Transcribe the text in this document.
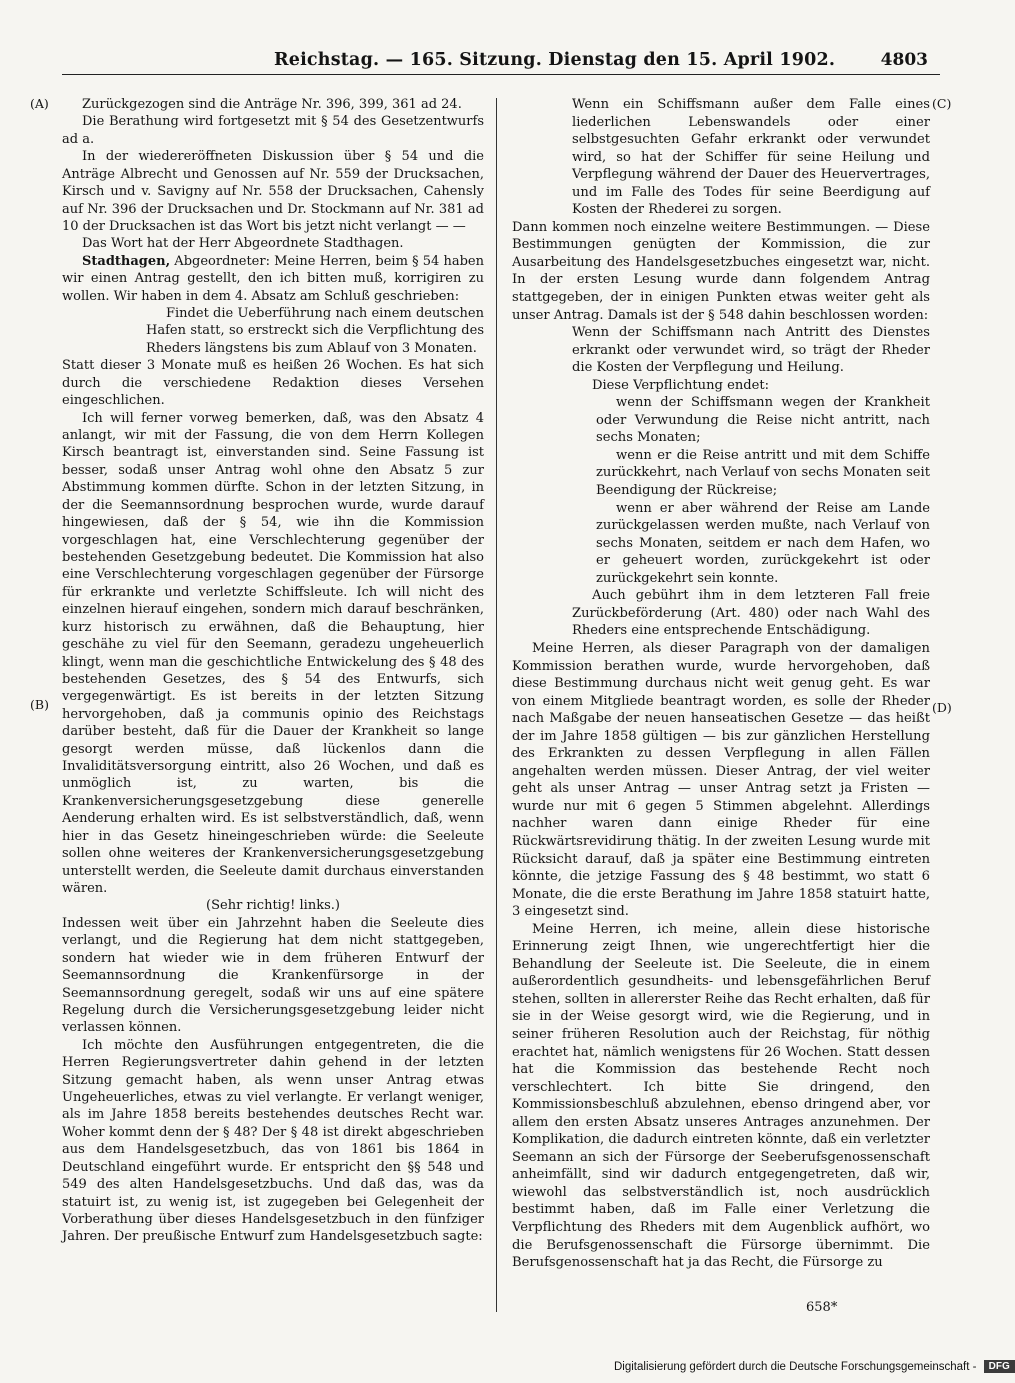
Reichstag. — 165. Sitzung. Dienstag den 15. April 1902.	4803
(A)
(B)
(C)
(D)

Zurückgezogen sind die Anträge Nr. 396, 399, 361 ad 24.

Die Berathung wird fortgesetzt mit § 54 des Gesetzentwurfs ad a.

In der wiedereröffneten Diskussion über § 54 und die Anträge Albrecht und Genossen auf Nr. 559 der Drucksachen, Kirsch und v. Savigny auf Nr. 558 der Drucksachen, Cahensly auf Nr. 396 der Drucksachen und Dr. Stockmann auf Nr. 381 ad 10 der Drucksachen ist das Wort bis jetzt nicht verlangt — —

Das Wort hat der Herr Abgeordnete Stadthagen.

Stadthagen, Abgeordneter: Meine Herren, beim § 54 haben wir einen Antrag gestellt, den ich bitten muß, korrigiren zu wollen. Wir haben in dem 4. Absatz am Schluß geschrieben:

Findet die Ueberführung nach einem deutschen Hafen statt, so erstreckt sich die Verpflichtung des Rheders längstens bis zum Ablauf von 3 Monaten.

Statt dieser 3 Monate muß es heißen 26 Wochen. Es hat sich durch die verschiedene Redaktion dieses Versehen eingeschlichen.

Ich will ferner vorweg bemerken, daß, was den Absatz 4 anlangt, wir mit der Fassung, die von dem Herrn Kollegen Kirsch beantragt ist, einverstanden sind. Seine Fassung ist besser, sodaß unser Antrag wohl ohne den Absatz 5 zur Abstimmung kommen dürfte. Schon in der letzten Sitzung, in der die Seemannsordnung besprochen wurde, wurde darauf hingewiesen, daß der § 54, wie ihn die Kommission vorgeschlagen hat, eine Verschlechterung gegenüber der bestehenden Gesetzgebung bedeutet. Die Kommission hat also eine Verschlechterung vorgeschlagen gegenüber der Fürsorge für erkrankte und verletzte Schiffsleute. Ich will nicht des einzelnen hierauf eingehen, sondern mich darauf beschränken, kurz historisch zu erwähnen, daß die Behauptung, hier geschähe zu viel für den Seemann, geradezu ungeheuerlich klingt, wenn man die geschichtliche Entwickelung des § 48 des bestehenden Gesetzes, des § 54 des Entwurfs, sich vergegenwärtigt. Es ist bereits in der letzten Sitzung hervorgehoben, daß ja communis opinio des Reichstags darüber besteht, daß für die Dauer der Krankheit so lange gesorgt werden müsse, daß lückenlos dann die Invaliditätsversorgung eintritt, also 26 Wochen, und daß es unmöglich ist, zu warten, bis die Krankenversicherungsgesetzgebung diese generelle Aenderung erhalten wird. Es ist selbstverständlich, daß, wenn hier in das Gesetz hineingeschrieben würde: die Seeleute sollen ohne weiteres der Krankenversicherungsgesetzgebung unterstellt werden, die Seeleute damit durchaus einverstanden wären.

(Sehr richtig! links.)

Indessen weit über ein Jahrzehnt haben die Seeleute dies verlangt, und die Regierung hat dem nicht stattgegeben, sondern hat wieder wie in dem früheren Entwurf der Seemannsordnung die Krankenfürsorge in der Seemannsordnung geregelt, sodaß wir uns auf eine spätere Regelung durch die Versicherungsgesetzgebung leider nicht verlassen können.

Ich möchte den Ausführungen entgegentreten, die die Herren Regierungsvertreter dahin gehend in der letzten Sitzung gemacht haben, als wenn unser Antrag etwas Ungeheuerliches, etwas zu viel verlangte. Er verlangt weniger, als im Jahre 1858 bereits bestehendes deutsches Recht war. Woher kommt denn der § 48? Der § 48 ist direkt abgeschrieben aus dem Handelsgesetzbuch, das von 1861 bis 1864 in Deutschland eingeführt wurde. Er entspricht den §§ 548 und 549 des alten Handelsgesetzbuchs. Und daß das, was da statuirt ist, zu wenig ist, ist zugegeben bei Gelegenheit der Vorberathung über dieses Handelsgesetzbuch in den fünfziger Jahren. Der preußische Entwurf zum Handelsgesetzbuch sagte:

Wenn ein Schiffsmann außer dem Falle eines liederlichen Lebenswandels oder einer selbstgesuchten Gefahr erkrankt oder verwundet wird, so hat der Schiffer für seine Heilung und Verpflegung während der Dauer des Heuervertrages, und im Falle des Todes für seine Beerdigung auf Kosten der Rhederei zu sorgen.

Dann kommen noch einzelne weitere Bestimmungen. — Diese Bestimmungen genügten der Kommission, die zur Ausarbeitung des Handelsgesetzbuches eingesetzt war, nicht. In der ersten Lesung wurde dann folgendem Antrag stattgegeben, der in einigen Punkten etwas weiter geht als unser Antrag. Damals ist der § 548 dahin beschlossen worden:

Wenn der Schiffsmann nach Antritt des Dienstes erkrankt oder verwundet wird, so trägt der Rheder die Kosten der Verpflegung und Heilung.

Diese Verpflichtung endet:

wenn der Schiffsmann wegen der Krankheit oder Verwundung die Reise nicht antritt, nach sechs Monaten;

wenn er die Reise antritt und mit dem Schiffe zurückkehrt, nach Verlauf von sechs Monaten seit Beendigung der Rückreise;

wenn er aber während der Reise am Lande zurückgelassen werden mußte, nach Verlauf von sechs Monaten, seitdem er nach dem Hafen, wo er geheuert worden, zurückgekehrt ist oder zurückgekehrt sein konnte.

Auch gebührt ihm in dem letzteren Fall freie Zurückbeförderung (Art. 480) oder nach Wahl des Rheders eine entsprechende Entschädigung.

Meine Herren, als dieser Paragraph von der damaligen Kommission berathen wurde, wurde hervorgehoben, daß diese Bestimmung durchaus nicht weit genug geht. Es war von einem Mitgliede beantragt worden, es solle der Rheder nach Maßgabe der neuen hanseatischen Gesetze — das heißt der im Jahre 1858 gültigen — bis zur gänzlichen Herstellung des Erkrankten zu dessen Verpflegung in allen Fällen angehalten werden müssen. Dieser Antrag, der viel weiter geht als unser Antrag — unser Antrag setzt ja Fristen — wurde nur mit 6 gegen 5 Stimmen abgelehnt. Allerdings nachher waren dann einige Rheder für eine Rückwärtsrevidirung thätig. In der zweiten Lesung wurde mit Rücksicht darauf, daß ja später eine Bestimmung eintreten könnte, die jetzige Fassung des § 48 bestimmt, wo statt 6 Monate, die die erste Berathung im Jahre 1858 statuirt hatte, 3 eingesetzt sind.

Meine Herren, ich meine, allein diese historische Erinnerung zeigt Ihnen, wie ungerechtfertigt hier die Behandlung der Seeleute ist. Die Seeleute, die in einem außerordentlich gesundheits- und lebensgefährlichen Beruf stehen, sollten in allererster Reihe das Recht erhalten, daß für sie in der Weise gesorgt wird, wie die Regierung, und in seiner früheren Resolution auch der Reichstag, für nöthig erachtet hat, nämlich wenigstens für 26 Wochen. Statt dessen hat die Kommission das bestehende Recht noch verschlechtert. Ich bitte Sie dringend, den Kommissionsbeschluß abzulehnen, ebenso dringend aber, vor allem den ersten Absatz unseres Antrages anzunehmen. Der Komplikation, die dadurch eintreten könnte, daß ein verletzter Seemann an sich der Fürsorge der Seeberufsgenossenschaft anheimfällt, sind wir dadurch entgegengetreten, daß wir, wiewohl das selbstverständlich ist, noch ausdrücklich bestimmt haben, daß im Falle einer Verletzung die Verpflichtung des Rheders mit dem Augenblick aufhört, wo die Berufsgenossenschaft die Fürsorge übernimmt. Die Berufsgenossenschaft hat ja das Recht, die Fürsorge zu

658*
Digitalisierung gefördert durch die Deutsche Forschungsgemeinschaft - DFG
